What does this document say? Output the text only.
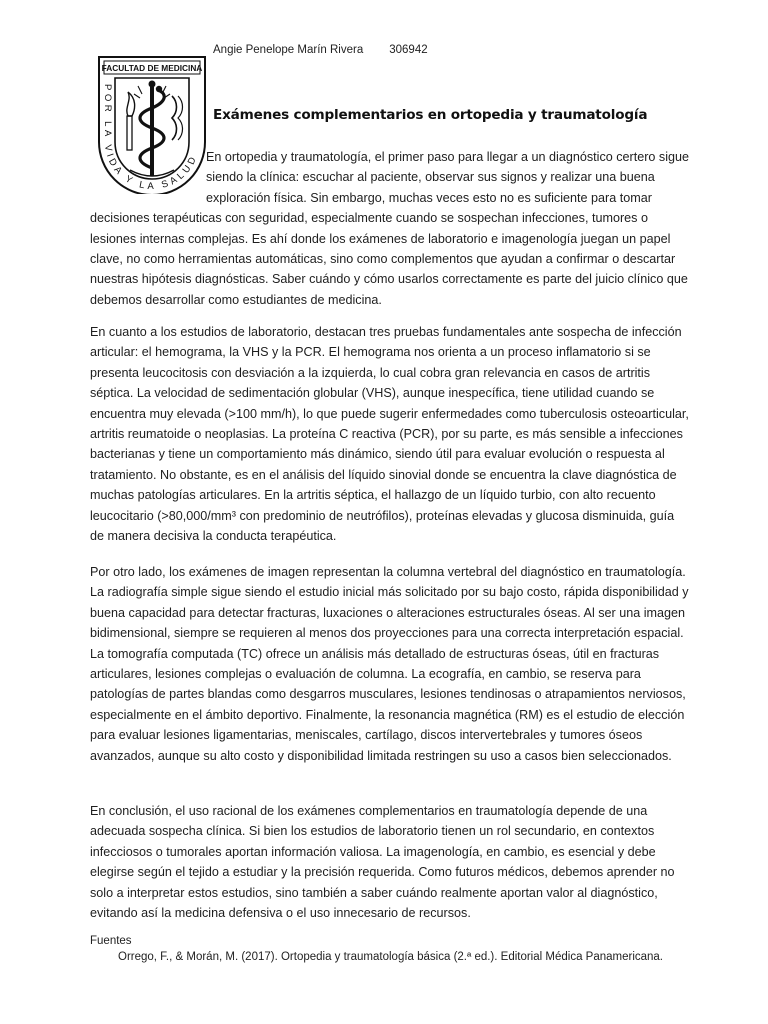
Angie Penelope Marín Rivera 306942
FACULTAD DE MEDICINA
POR LA VIDA Y LA SALUD
Exámenes complementarios en ortopedia y traumatología

En ortopedia y traumatología, el primer paso para llegar a un diagnóstico certero sigue siendo la clínica: escuchar al paciente, observar sus signos y realizar una buena exploración física. Sin embargo, muchas veces esto no es suficiente para tomar decisiones terapéuticas con seguridad, especialmente cuando se sospechan infecciones, tumores o lesiones internas complejas. Es ahí donde los exámenes de laboratorio e imagenología juegan un papel clave, no como herramientas automáticas, sino como complementos que ayudan a confirmar o descartar nuestras hipótesis diagnósticas. Saber cuándo y cómo usarlos correctamente es parte del juicio clínico que debemos desarrollar como estudiantes de medicina.

En cuanto a los estudios de laboratorio, destacan tres pruebas fundamentales ante sospecha de infección articular: el hemograma, la VHS y la PCR. El hemograma nos orienta a un proceso inflamatorio si se presenta leucocitosis con desviación a la izquierda, lo cual cobra gran relevancia en casos de artritis séptica. La velocidad de sedimentación globular (VHS), aunque inespecífica, tiene utilidad cuando se encuentra muy elevada (>100 mm/h), lo que puede sugerir enfermedades como tuberculosis osteoarticular, artritis reumatoide o neoplasias. La proteína C reactiva (PCR), por su parte, es más sensible a infecciones bacterianas y tiene un comportamiento más dinámico, siendo útil para evaluar evolución o respuesta al tratamiento. No obstante, es en el análisis del líquido sinovial donde se encuentra la clave diagnóstica de muchas patologías articulares. En la artritis séptica, el hallazgo de un líquido turbio, con alto recuento leucocitario (>80,000/mm³ con predominio de neutrófilos), proteínas elevadas y glucosa disminuida, guía de manera decisiva la conducta terapéutica.

Por otro lado, los exámenes de imagen representan la columna vertebral del diagnóstico en traumatología. La radiografía simple sigue siendo el estudio inicial más solicitado por su bajo costo, rápida disponibilidad y buena capacidad para detectar fracturas, luxaciones o alteraciones estructurales óseas. Al ser una imagen bidimensional, siempre se requieren al menos dos proyecciones para una correcta interpretación espacial. La tomografía computada (TC) ofrece un análisis más detallado de estructuras óseas, útil en fracturas articulares, lesiones complejas o evaluación de columna. La ecografía, en cambio, se reserva para patologías de partes blandas como desgarros musculares, lesiones tendinosas o atrapamientos nerviosos, especialmente en el ámbito deportivo. Finalmente, la resonancia magnética (RM) es el estudio de elección para evaluar lesiones ligamentarias, meniscales, cartílago, discos intervertebrales y tumores óseos avanzados, aunque su alto costo y disponibilidad limitada restringen su uso a casos bien seleccionados.

En conclusión, el uso racional de los exámenes complementarios en traumatología depende de una adecuada sospecha clínica. Si bien los estudios de laboratorio tienen un rol secundario, en contextos infecciosos o tumorales aportan información valiosa. La imagenología, en cambio, es esencial y debe elegirse según el tejido a estudiar y la precisión requerida. Como futuros médicos, debemos aprender no solo a interpretar estos estudios, sino también a saber cuándo realmente aportan valor al diagnóstico, evitando así la medicina defensiva o el uso innecesario de recursos.

Fuentes
Orrego, F., & Morán, M. (2017). Ortopedia y traumatología básica (2.ª ed.). Editorial Médica Panamericana.
